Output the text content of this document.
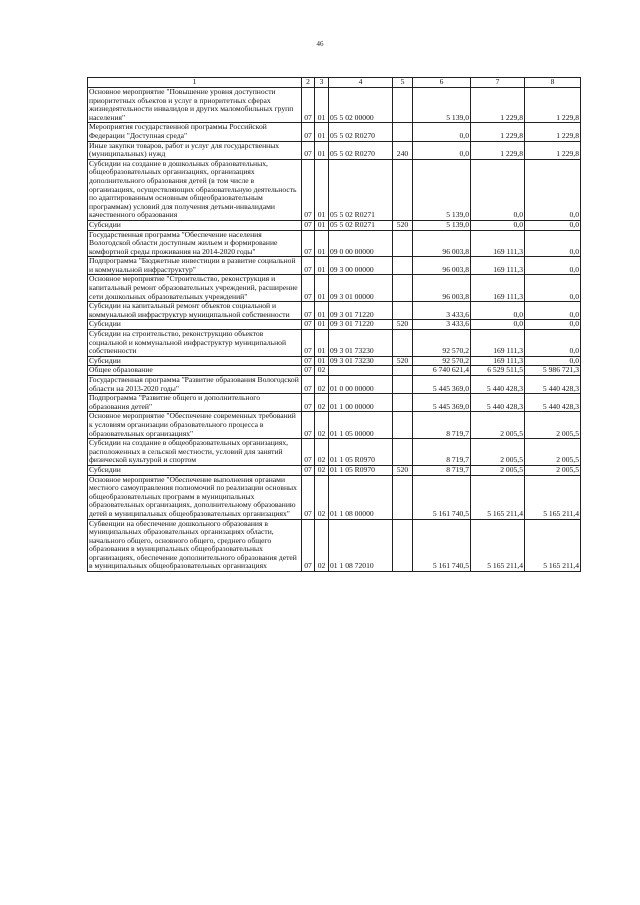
46
1	2	3	4	5	6	7	8
Основное мероприятие "Повышение уровня доступности приоритетных объектов и услуг в приоритетных сферах жизнедеятельности инвалидов и других маломобильных групп населения"	07	01	05 5 02 00000		5 139,0	1 229,8	1 229,8
Мероприятия государственной программы Российской Федерации "Доступная среда"	07	01	05 5 02 R0270		0,0	1 229,8	1 229,8
Иные закупки товаров, работ и услуг для государственных (муниципальных) нужд	07	01	05 5 02 R0270	240	0,0	1 229,8	1 229,8
Субсидии на создание в дошкольных образовательных, общеобразовательных организациях, организациях дополнительного образования детей (в том числе в организациях, осуществляющих образовательную деятельность по адаптированным основным общеобразовательным программам) условий для получения детьми-инвалидами качественного образования	07	01	05 5 02 R0271		5 139,0	0,0	0,0
Субсидии	07	01	05 5 02 R0271	520	5 139,0	0,0	0,0
Государственная программа "Обеспечение населения Вологодской области доступным жильем и формирование комфортной среды проживания на 2014-2020 годы"	07	01	09 0 00 00000		96 003,8	169 111,3	0,0
Подпрограмма "Бюджетные инвестиции в развитие социальной и коммунальной инфраструктур"	07	01	09 3 00 00000		96 003,8	169 111,3	0,0
Основное мероприятие "Строительство, реконструкция и капитальный ремонт образовательных учреждений, расширение сети дошкольных образовательных учреждений"	07	01	09 3 01 00000		96 003,8	169 111,3	0,0
Субсидии на капитальный ремонт объектов социальной и коммунальной инфраструктур муниципальной собственности	07	01	09 3 01 71220		3 433,6	0,0	0,0
Субсидии	07	01	09 3 01 71220	520	3 433,6	0,0	0,0
Субсидии на строительство, реконструкцию объектов социальной и коммунальной инфраструктур муниципальной собственности	07	01	09 3 01 73230		92 570,2	169 111,3	0,0
Субсидии	07	01	09 3 01 73230	520	92 570,2	169 111,3	0,0
Общее образование	07	02			6 740 621,4	6 529 511,5	5 986 721,3
Государственная программа "Развитие образования Вологодской области на 2013-2020 годы"	07	02	01 0 00 00000		5 445 369,0	5 440 428,3	5 440 428,3
Подпрограмма "Развитие общего и дополнительного образования детей"	07	02	01 1 00 00000		5 445 369,0	5 440 428,3	5 440 428,3
Основное мероприятие "Обеспечение современных требований к условиям организации образовательного процесса в образовательных организациях"	07	02	01 1 05 00000		8 719,7	2 005,5	2 005,5
Субсидии на создание в общеобразовательных организациях, расположенных в сельской местности, условий для занятий физической культурой и спортом	07	02	01 1 05 R0970		8 719,7	2 005,5	2 005,5
Субсидии	07	02	01 1 05 R0970	520	8 719,7	2 005,5	2 005,5
Основное мероприятие "Обеспечение выполнения органами местного самоуправления полномочий по реализации основных общеобразовательных программ в муниципальных образовательных организациях, дополнительному образованию детей в муниципальных общеобразовательных организациях"	07	02	01 1 08 00000		5 161 740,5	5 165 211,4	5 165 211,4
Субвенции на обеспечение дошкольного образования в муниципальных образовательных организациях области, начального общего, основного общего, среднего общего образования в муниципальных общеобразовательных организациях, обеспечение дополнительного образования детей в муниципальных общеобразовательных организациях	07	02	01 1 08 72010		5 161 740,5	5 165 211,4	5 165 211,4
